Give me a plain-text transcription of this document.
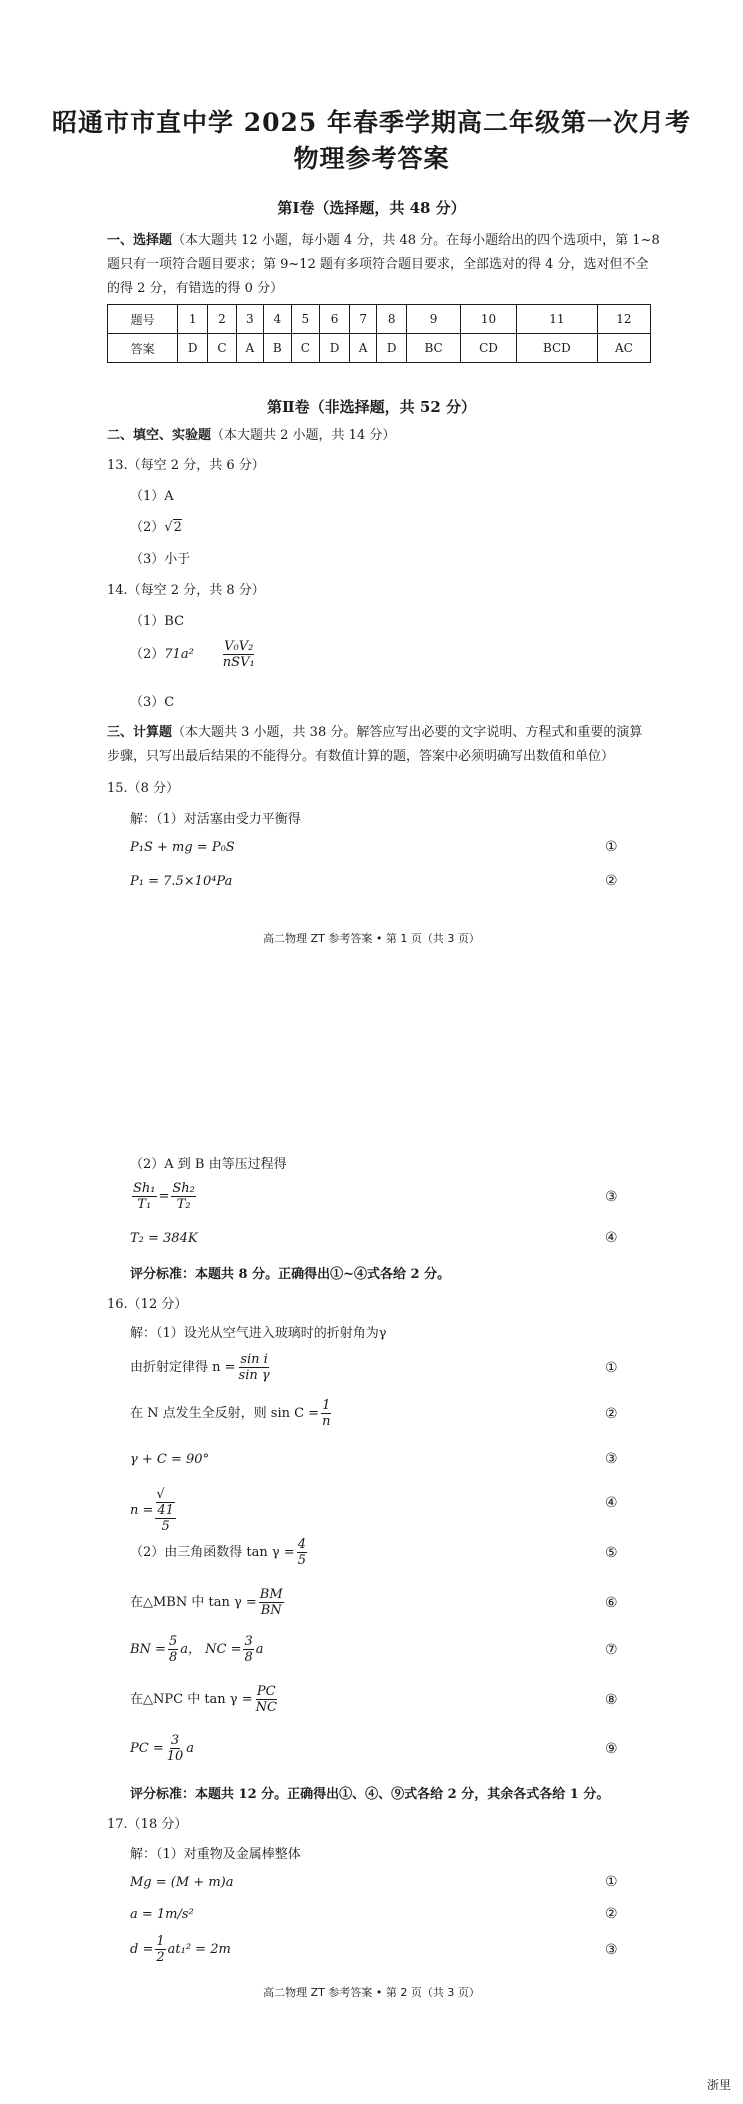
昭通市市直中学 2025 年春季学期高二年级第一次月考
物理参考答案
第Ⅰ卷（选择题，共 48 分）
一、选择题（本大题共 12 小题，每小题 4 分，共 48 分。在每小题给出的四个选项中，第 1~8
题只有一项符合题目要求；第 9~12 题有多项符合题目要求，全部选对的得 4 分，选对但不全
的得 2 分，有错选的得 0 分）
题号	1	2	3	4	5	6	7	8	9	10	11	12
答案	D	C	A	B	C	D	A	D	BC	CD	BCD	AC
第Ⅱ卷（非选择题，共 52 分）
二、填空、实验题（本大题共 2 小题，共 14 分）
13.（每空 2 分，共 6 分）
（1）A
（2）√2
（3）小于
14.（每空 2 分，共 8 分）
（1）BC
$(2)71a^2 \frac{\text{V₀V₂}}{\text{nSV₁}}$
（3）C
三、计算题（本大题共 3 小题，共 38 分。解答应写出必要的文字说明、方程式和重要的演算
步骤，只写出最后结果的不能得分。有数值计算的题，答案中必须明确写出数值和单位）
15.（8 分）
解：（1）对活塞由受力平衡得
P₁S + mg = P₀S	①
P₁ = 7.5×10⁴Pa	②
高二物理 ZT 参考答案 • 第 1 页（共 3 页）
（2）A 到 B 由等压过程得
$\frac{\text{Sh₁}}{\text{T₁}} = \frac{\text{Sh₂}}{\text{T₂}}$	③
T₂ = 384K	④
评分标准：本题共 8 分。正确得出①~④式各给 2 分。
16.（12 分）
解：（1）设光从空气进入玻璃时的折射角为γ
由折射定律得 $n = \frac{\text{sin i}}{\text{sin γ}}$	①
在 N 点发生全反射，则 $\sin C = \frac{1}{n}$	②
γ + C = 90°	③
n = √
41
5	④
（2）由三角函数得 $\tan \gamma = \frac{4}{5}$	⑤
在△MBN 中 $\tan \gamma = \frac{BM}{BN}$	⑥
BN = $\frac{5}{8}$ a， NC = $\frac{3}{8}$ a	⑦
在△NPC 中 $\tan \gamma = \frac{PC}{NC}$	⑧
PC = $\frac{3}{10}$ a	⑨
评分标准：本题共 12 分。正确得出①、④、⑨式各给 2 分，其余各式各给 1 分。
17.（18 分）
解：（1）对重物及金属棒整体
Mg = (M + m)a	①
a = 1m/s²	②
$d = \frac{1}{2} at_1^2 = 2m$	③
高二物理 ZT 参考答案 • 第 2 页（共 3 页）
浙里
